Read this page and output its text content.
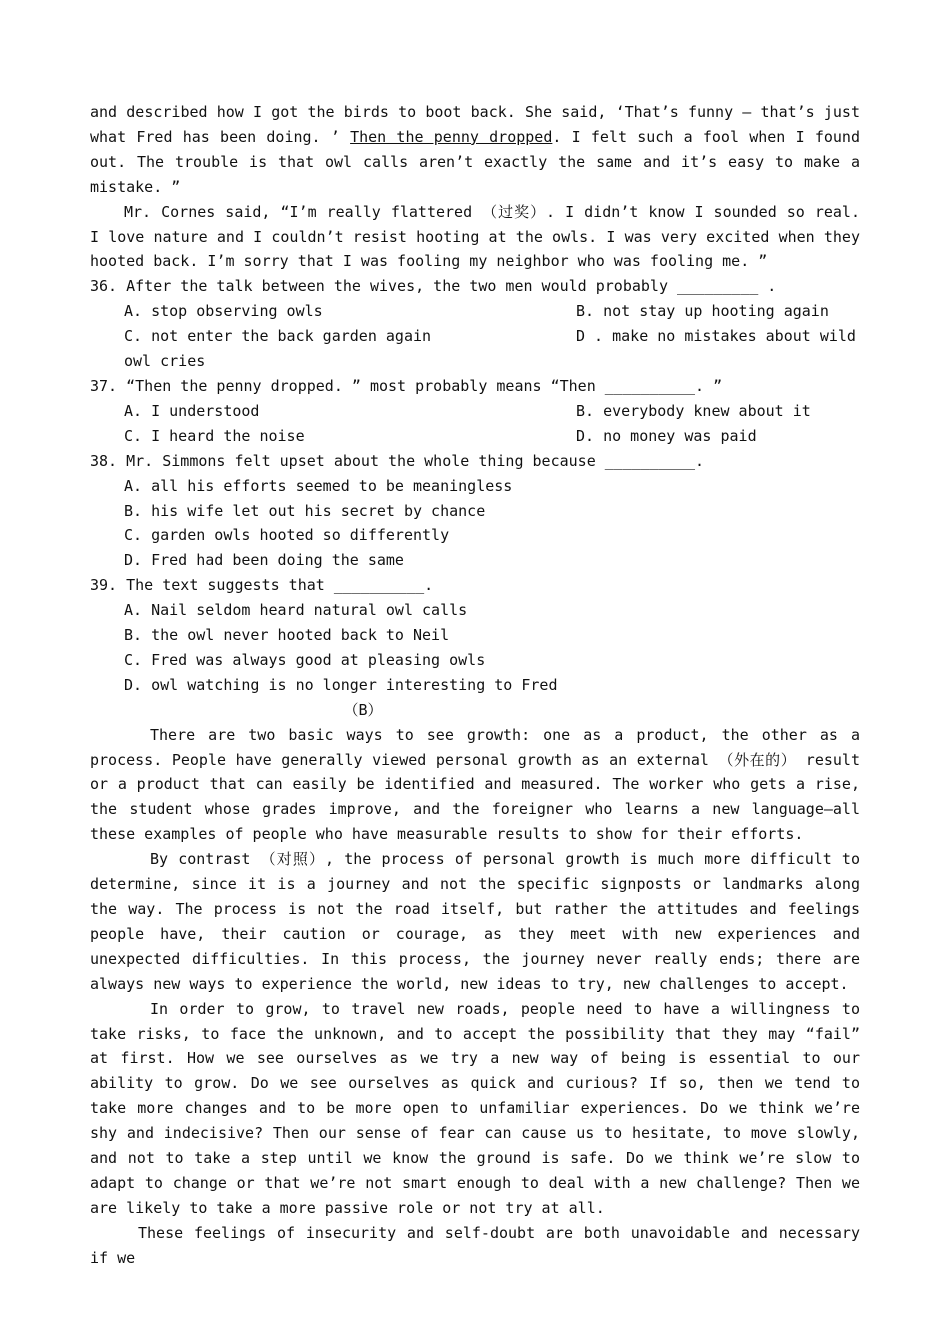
and described how I got the birds to boot back. She said, ‘That’s funny — that’s just what Fred has been doing. ’ Then the penny dropped. I felt such a fool when I found out. The trouble is that owl calls aren’t exactly the same and it’s easy to make a mistake. ”

Mr. Cornes said, “I’m really flattered （过奖）. I didn’t know I sounded so real. I love nature and I couldn’t resist hooting at the owls. I was very excited when they hooted back. I’m sorry that I was fooling my neighbor who was fooling me. ”

36. After the talk between the wives, the two men would probably _________ .

A. stop observing owls	B. not stay up hooting again
C. not enter the back garden again	D . make no mistakes about wild

owl cries

37. “Then the penny dropped. ” most probably means “Then __________. ”

A. I understood	B. everybody knew about it
C. I heard the noise	D. no money was paid

38. Mr. Simmons felt upset about the whole thing because __________.

A. all his efforts seemed to be meaningless

B. his wife let out his secret by chance

C. garden owls hooted so differently

D. Fred had been doing the same

39. The text suggests that __________.

A. Nail seldom heard natural owl calls

B. the owl never hooted back to Neil

C. Fred was always good at pleasing owls

D. owl watching is no longer interesting to Fred

（B）

There are two basic ways to see growth: one as a product, the other as a process. People have generally viewed personal growth as an external （外在的） result or a product that can easily be identified and measured. The worker who gets a rise, the student whose grades improve, and the foreigner who learns a new language—all these examples of people who have measurable results to show for their efforts.

By contrast （对照）, the process of personal growth is much more difficult to determine, since it is a journey and not the specific signposts or landmarks along the way. The process is not the road itself, but rather the attitudes and feelings people have, their caution or courage, as they meet with new experiences and unexpected difficulties. In this process, the journey never really ends; there are always new ways to experience the world, new ideas to try, new challenges to accept.

In order to grow, to travel new roads, people need to have a willingness to take risks, to face the unknown, and to accept the possibility that they may “fail” at first. How we see ourselves as we try a new way of being is essential to our ability to grow. Do we see ourselves as quick and curious? If so, then we tend to take more changes and to be more open to unfamiliar experiences. Do we think we’re shy and indecisive? Then our sense of fear can cause us to hesitate, to move slowly, and not to take a step until we know the ground is safe. Do we think we’re slow to adapt to change or that we’re not smart enough to deal with a new challenge? Then we are likely to take a more passive role or not try at all.

These feelings of insecurity and self-doubt are both unavoidable and necessary if we
